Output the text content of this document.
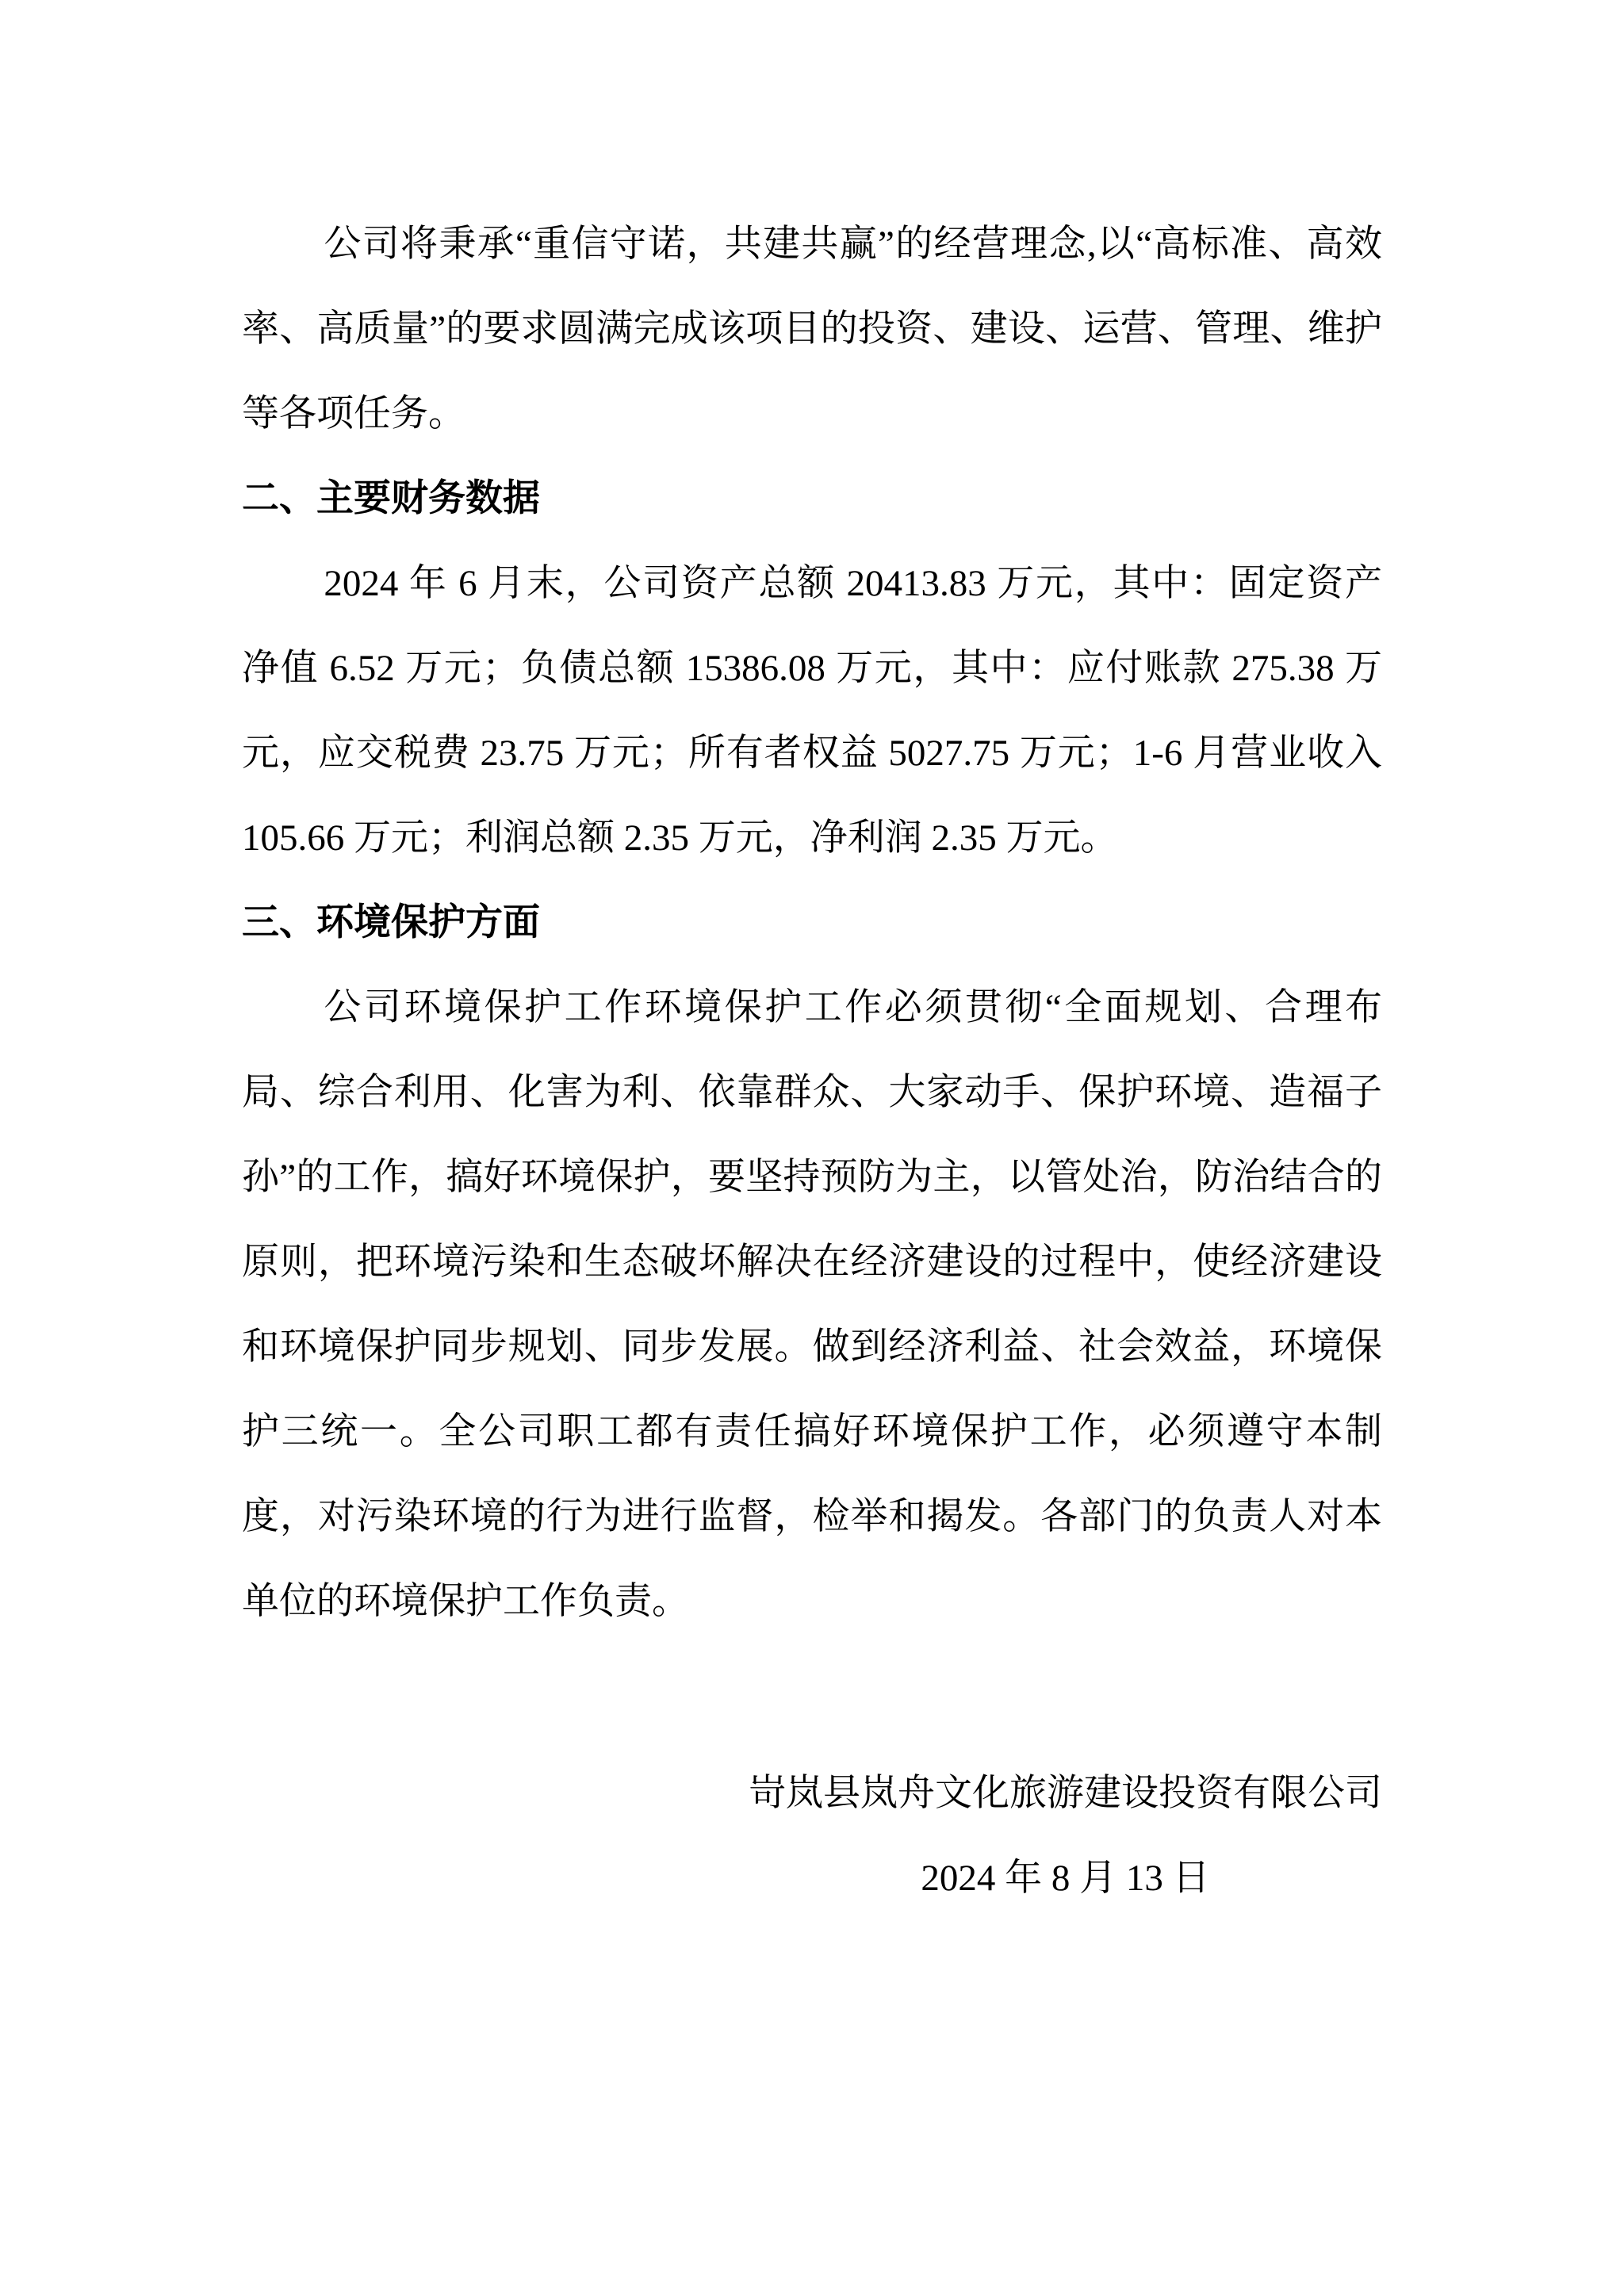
公司将秉承“重信守诺，共建共赢”的经营理念,以“高标准、高效率、高质量”的要求圆满完成该项目的投资、建设、运营、管理、维护等各项任务。

二、主要财务数据

2024 年 6 月末，公司资产总额 20413.83 万元，其中：固定资产净值 6.52 万元；负债总额 15386.08 万元，其中：应付账款 275.38 万元，应交税费 23.75 万元；所有者权益 5027.75 万元；1-6 月营业收入 105.66 万元；利润总额 2.35 万元，净利润 2.35 万元。

三、环境保护方面

公司环境保护工作环境保护工作必须贯彻“全面规划、合理布局、综合利用、化害为利、依靠群众、大家动手、保护环境、造福子孙”的工作，搞好环境保护，要坚持预防为主，以管处治，防治结合的原则，把环境污染和生态破坏解决在经济建设的过程中，使经济建设和环境保护同步规划、同步发展。做到经济利益、社会效益，环境保护三统一。全公司职工都有责任搞好环境保护工作，必须遵守本制度，对污染环境的行为进行监督，检举和揭发。各部门的负责人对本单位的环境保护工作负责。

岢岚县岚舟文化旅游建设投资有限公司
2024 年 8 月 13 日
